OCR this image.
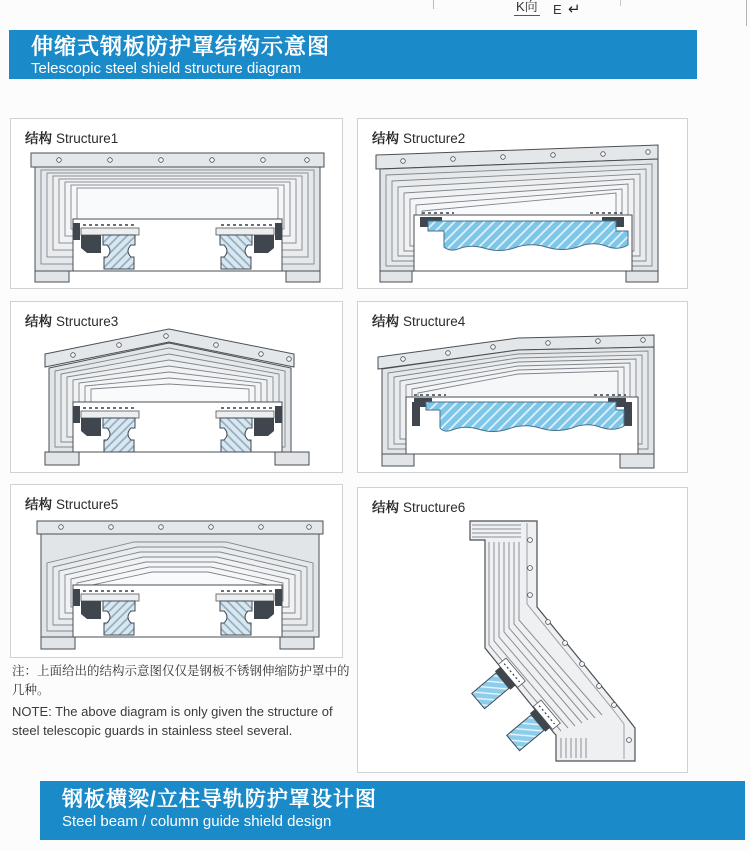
K向 E ↵
伸缩式钢板防护罩结构示意图
Telescopic steel shield structure diagram
结构 Structure1	结构 Structure2
结构 Structure3	结构 Structure4
结构 Structure5	结构 Structure6

注：上面给出的结构示意图仅仅是钢板不锈钢伸缩防护罩中的几种。

NOTE: The above diagram is only given the structure of steel telescopic guards in stainless steel several.

钢板横梁/立柱导轨防护罩设计图
Steel beam / column guide shield design
